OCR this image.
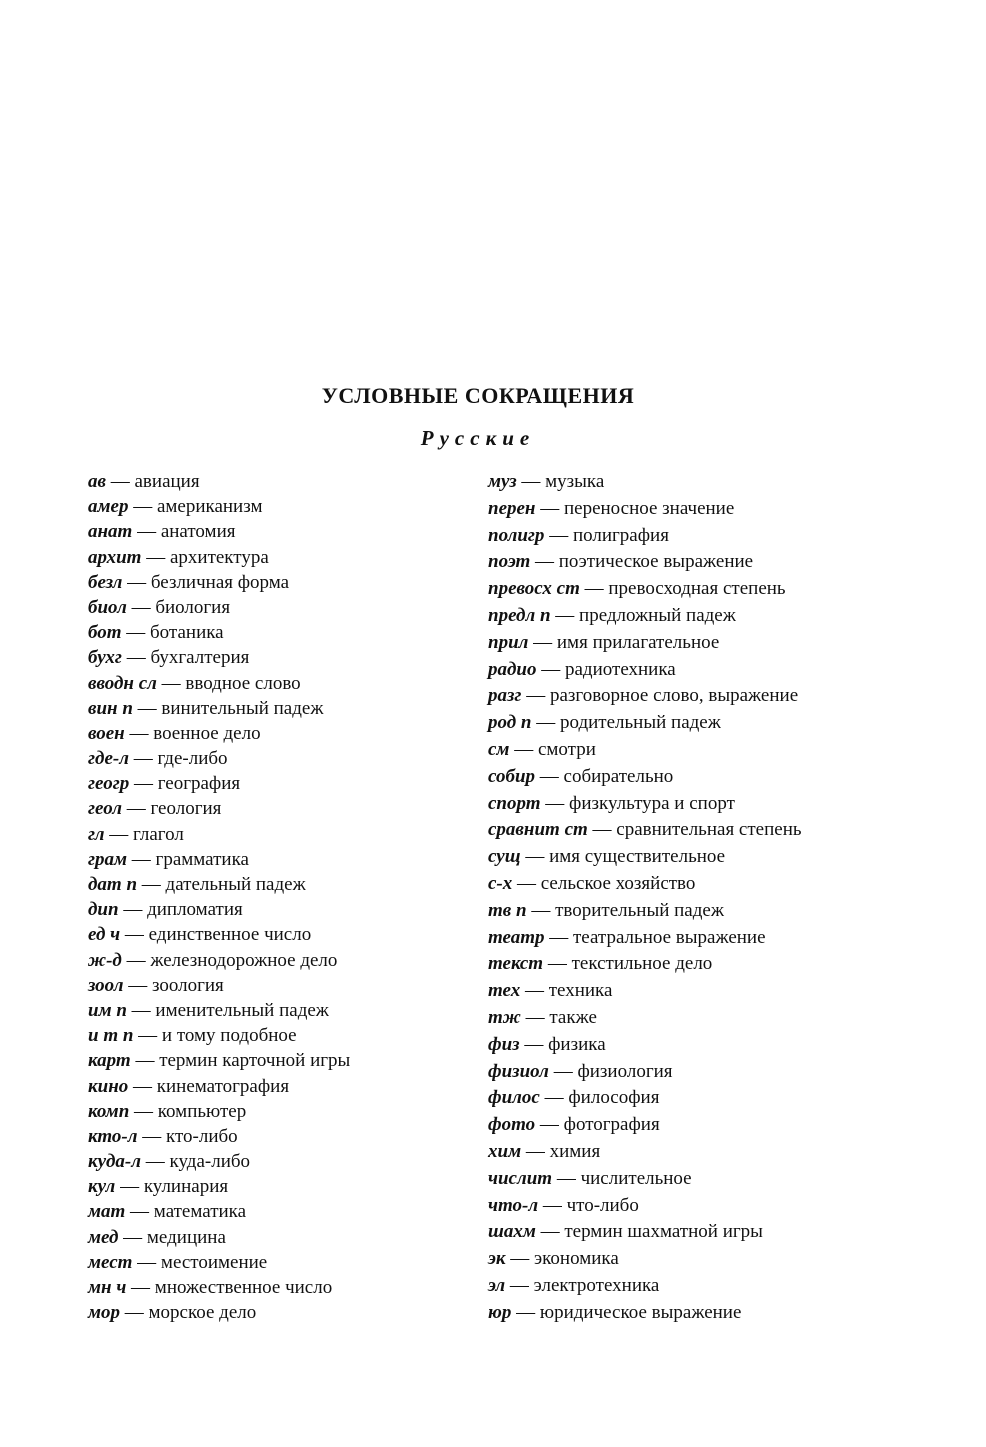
УСЛОВНЫЕ СОКРАЩЕНИЯ
Русские
ав — авиация
амер — американизм
анат — анатомия
архит — архитектура
безл — безличная форма
биол — биология
бот — ботаника
бухг — бухгалтерия
вводн сл — вводное слово
вин п — винительный падеж
воен — военное дело
где-л — где-либо
геогр — география
геол — геология
гл — глагол
грам — грамматика
дат п — дательный падеж
дип — дипломатия
ед ч — единственное число
ж-д — железнодорожное дело
зоол — зоология
им п — именительный падеж
и т п — и тому подобное
карт — термин карточной игры
кино — кинематография
комп — компьютер
кто-л — кто-либо
куда-л — куда-либо
кул — кулинария
мат — математика
мед — медицина
мест — местоимение
мн ч — множественное число
мор — морское дело
муз — музыка
перен — переносное значение
полигр — полиграфия
поэт — поэтическое выражение
превосх ст — превосходная степень
предл п — предложный падеж
прил — имя прилагательное
радио — радиотехника
разг — разговорное слово, выражение
род п — родительный падеж
см — смотри
собир — собирательно
спорт — физкультура и спорт
сравнит ст — сравнительная степень
сущ — имя существительное
с-х — сельское хозяйство
тв п — творительный падеж
театр — театральное выражение
текст — текстильное дело
тех — техника
тж — также
физ — физика
физиол — физиология
филос — философия
фото — фотография
хим — химия
числит — числительное
что-л — что-либо
шахм — термин шахматной игры
эк — экономика
эл — электротехника
юр — юридическое выражение
